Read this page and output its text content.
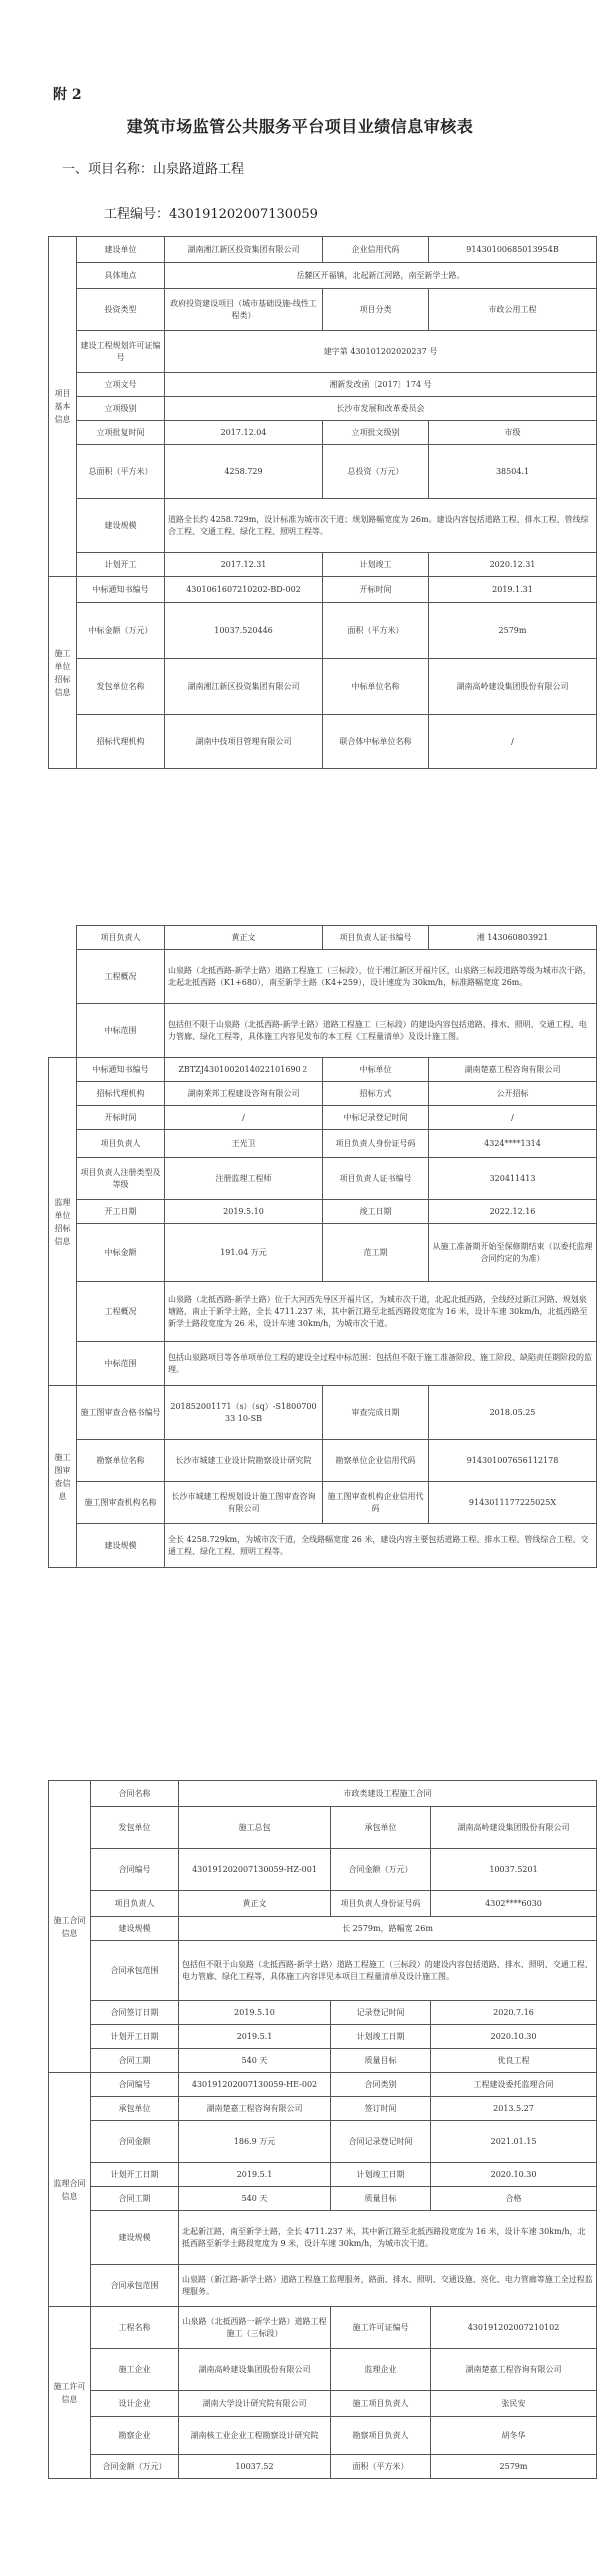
附 2
建筑市场监管公共服务平台项目业绩信息审核表
一、项目名称：山泉路道路工程
工程编号：430191202007130059
项目基本信息	建设单位	湖南湘江新区投资集团有限公司	企业信用代码	91430100685013954B
	具体地点	岳麓区开福镇，北起新江河路，南至新学士路。		
	投资类型	政府投资建设项目（城市基础设施-线性工程类）	项目分类	市政公用工程
	建设工程规划许可证编号	建字第 430101202020237 号		
	立项文号	湘新发改函〔2017〕174 号		
	立项级别	长沙市发展和改革委员会		
	立项批复时间	2017.12.04	立项批文级别	市级
	总面积（平方米）	4258.729	总投资（万元）	38504.1
	建设规模	道路全长约 4258.729m，设计标准为城市次干道；规划路幅宽度为 26m。建设内容包括道路工程、排水工程、管线综合工程、交通工程、绿化工程、照明工程等。		
	计划开工	2017.12.31	计划竣工	2020.12.31
施工单位招标信息	中标通知书编号	4301061607210202-BD-002	开标时间	2019.1.31
	中标金额（万元）	10037.520446	面积（平方米）	2579m
	发包单位名称	湖南湘江新区投资集团有限公司	中标单位名称	湖南高岭建设集团股份有限公司
	招标代理机构	湖南中技项目管理有限公司	联合体中标单位名称	/
	项目负责人	黄正文	项目负责人证书编号	湘 143060803921
	工程概况	山泉路（北抵西路-新学士路）道路工程施工（三标段），位于湘江新区开福片区，山泉路三标段道路等级为城市次干路，北起北抵西路（K1+680），南至新学士路（K4+259），设计速度为 30km/h，标准路幅宽度 26m。		
	中标范围	包括但不限于山泉路（北抵西路-新学士路）道路工程施工（三标段）的建设内容包括道路、排水、照明、交通工程、电力管廊、绿化工程等，具体施工内容见发布的本工程《工程量清单》及设计施工图。		
监理单位招标信息	中标通知书编号	ZBTZJ4301002014022101690２	中标单位	湖南楚嘉工程咨询有限公司
	招标代理机构	湖南莱邦工程建设咨询有限公司	招标方式	公开招标
	开标时间	/	中标记录登记时间	/
	项目负责人	王光卫	项目负责人身份证号码	4324****1314
	项目负责人注册类型及等级	注册监理工程师	项目负责人证书编号	320411413
	开工日期	2019.5.10	竣工日期	2022.12.16
	中标金额	191.04 万元	范工期	从施工准备期开始至保修期结束（以委托监理合同约定的为准）
	工程概况	山泉路（北抵西路-新学士路）位于大河西先导区开福片区，为城市次干道，北起北抵西路，全线经过新江河路、规划泉塘路，南止于新学士路，全长 4711.237 米，其中新江路至北抵西路段宽度为 16 米，设计车速 30km/h，北抵西路至新学士路段宽度为 26 米，设计车速 30km/h，为城市次干道。		
	中标范围	包括山泉路项目等各单项单位工程的建设全过程中标范围：包括但不限于施工准备阶段、施工阶段、缺陷责任期阶段的监理。		
施工图审查信息	施工图审查合格书编号	201852001171（s）（sq）-S180070033 10-SB	审查完成日期	2018.05.25
	勘察单位名称	长沙市城建工业设计院勘察设计研究院	勘察单位企业信用代码	914301007656112178
	施工图审查机构名称	长沙市城建工程规划设计施工图审查咨询有限公司	施工图审查机构企业信用代码	9143011177225025X
	建设规模	全长 4258.729km，为城市次干道，全线路幅宽度 26 米，建设内容主要包括道路工程、排水工程、管线综合工程、交通工程、绿化工程、照明工程等。		
施工合同信息	合同名称	市政类建设工程施工合同		
	发包单位	施工总包	承包单位	湖南高岭建设集团股份有限公司
	合同编号	430191202007130059-HZ-001	合同金额（万元）	10037.5201
	项目负责人	黄正文	项目负责人身份证号码	4302****6030
	建设规模	长 2579m，路幅宽 26m		
	合同承包范围	包括但不限于山泉路（北抵西路-新学士路）道路工程施工（三标段）的建设内容包括道路、排水、照明、交通工程、电力管廊、绿化工程等，具体施工内容详见本项目工程量清单及设计施工图。		
	合同签订日期	2019.5.10	记录登记时间	2020.7.16
	计划开工日期	2019.5.1	计划竣工日期	2020.10.30
	合同工期	540 天	质量目标	优良工程
监理合同信息	合同编号	430191202007130059-HE-002	合同类别	工程建设委托监理合同
	承包单位	湖南楚嘉工程咨询有限公司	签订时间	2013.5.27
	合同金额	186.9 万元	合同记录登记时间	2021.01.15
	计划开工日期	2019.5.1	计划竣工日期	2020.10.30
	合同工期	540 天	质量目标	合格
	建设规模	北起新江路，南至新学士路，全长 4711.237 米，其中新江路至北抵西路段宽度为 16 米，设计车速 30km/h，北抵西路至新学士路段宽度为 9 米，设计车速 30km/h，为城市次干道。		
	合同承包范围	山泉路（新江路-新学士路）道路工程施工监理服务，路面、排水、照明、交通设施、亮化、电力管廊等施工全过程监理服务。		
施工许可信息	工程名称	山泉路（北抵西路一新学士路）道路工程施工（三标段）	施工许可证编号	430191202007210102
	施工企业	湖南高岭建设集团股份有限公司	监理企业	湖南楚嘉工程咨询有限公司
	设计企业	湖南大学设计研究院有限公司	施工项目负责人	张民安
	勘察企业	湖南核工业企业工程勘察设计研究院	勘察项目负责人	胡冬华
	合同金额（万元）	10037.52	面积（平方米）	2579m
